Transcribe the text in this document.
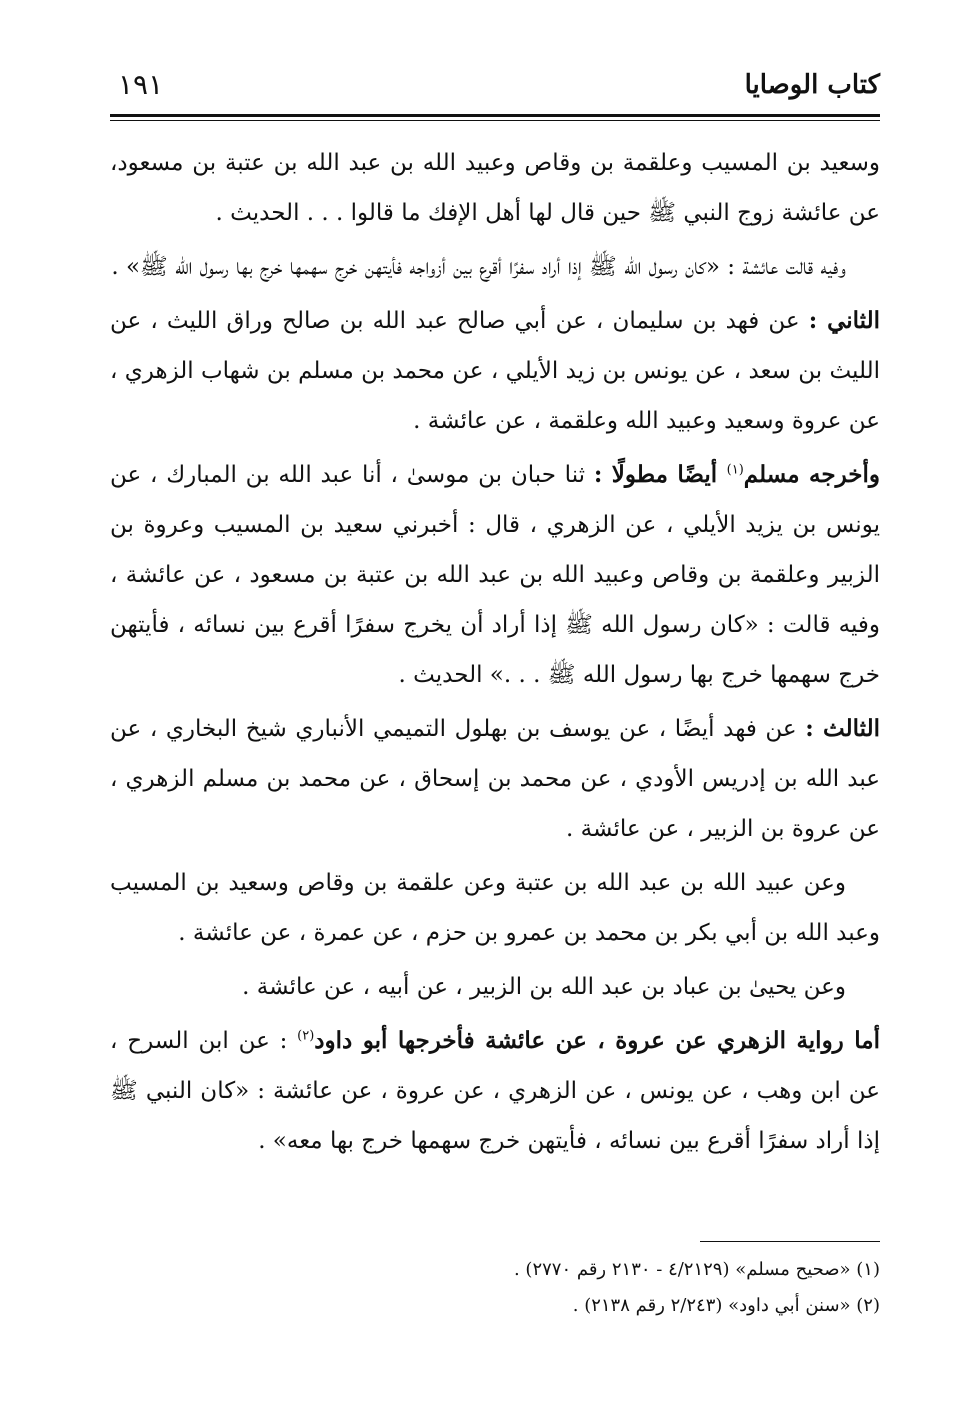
كتاب الوصايا
١٩١

وسعيد بن المسيب وعلقمة بن وقاص وعبيد الله بن عبد الله بن عتبة بن مسعود، عن عائشة زوج النبي ﷺ حين قال لها أهل الإفك ما قالوا . . . الحديث .

وفيه قالت عائشة : «كان رسول الله ﷺ إذا أراد سفرًا أقرع بين أزواجه فأيتهن خرج سهمها خرج بها رسول الله ﷺ» .

الثاني : عن فهد بن سليمان ، عن أبي صالح عبد الله بن صالح وراق الليث ، عن الليث بن سعد ، عن يونس بن زيد الأيلي ، عن محمد بن مسلم بن شهاب الزهري ، عن عروة وسعيد وعبيد الله وعلقمة ، عن عائشة .

وأخرجه مسلم$^{(١)}$ أيضًا مطولًا : ثنا حبان بن موسىٰ ، أنا عبد الله بن المبارك ، عن يونس بن يزيد الأيلي ، عن الزهري ، قال : أخبرني سعيد بن المسيب وعروة بن الزبير وعلقمة بن وقاص وعبيد الله بن عبد الله بن عتبة بن مسعود ، عن عائشة ، وفيه قالت : «كان رسول الله ﷺ إذا أراد أن يخرج سفرًا أقرع بين نسائه ، فأيتهن خرج سهمها خرج بها رسول الله ﷺ . . .» الحديث .

الثالث : عن فهد أيضًا ، عن يوسف بن بهلول التميمي الأنباري شيخ البخاري ، عن عبد الله بن إدريس الأودي ، عن محمد بن إسحاق ، عن محمد بن مسلم الزهري ، عن عروة بن الزبير ، عن عائشة .

وعن عبيد الله بن عبد الله بن عتبة وعن علقمة بن وقاص وسعيد بن المسيب وعبد الله بن أبي بكر بن محمد بن عمرو بن حزم ، عن عمرة ، عن عائشة .

وعن يحيىٰ بن عباد بن عبد الله بن الزبير ، عن أبيه ، عن عائشة .

أما رواية الزهري عن عروة ، عن عائشة فأخرجها أبو داود$^{(٢)}$ : عن ابن السرح ، عن ابن وهب ، عن يونس ، عن الزهري ، عن عروة ، عن عائشة : «كان النبي ﷺ إذا أراد سفرًا أقرع بين نسائه ، فأيتهن خرج سهمها خرج بها معه» .

(١) «صحيح مسلم» (٤/٢١٢٩ - ٢١٣٠ رقم ٢٧٧٠) .

(٢) «سنن أبي داود» (٢/٢٤٣ رقم ٢١٣٨) .
